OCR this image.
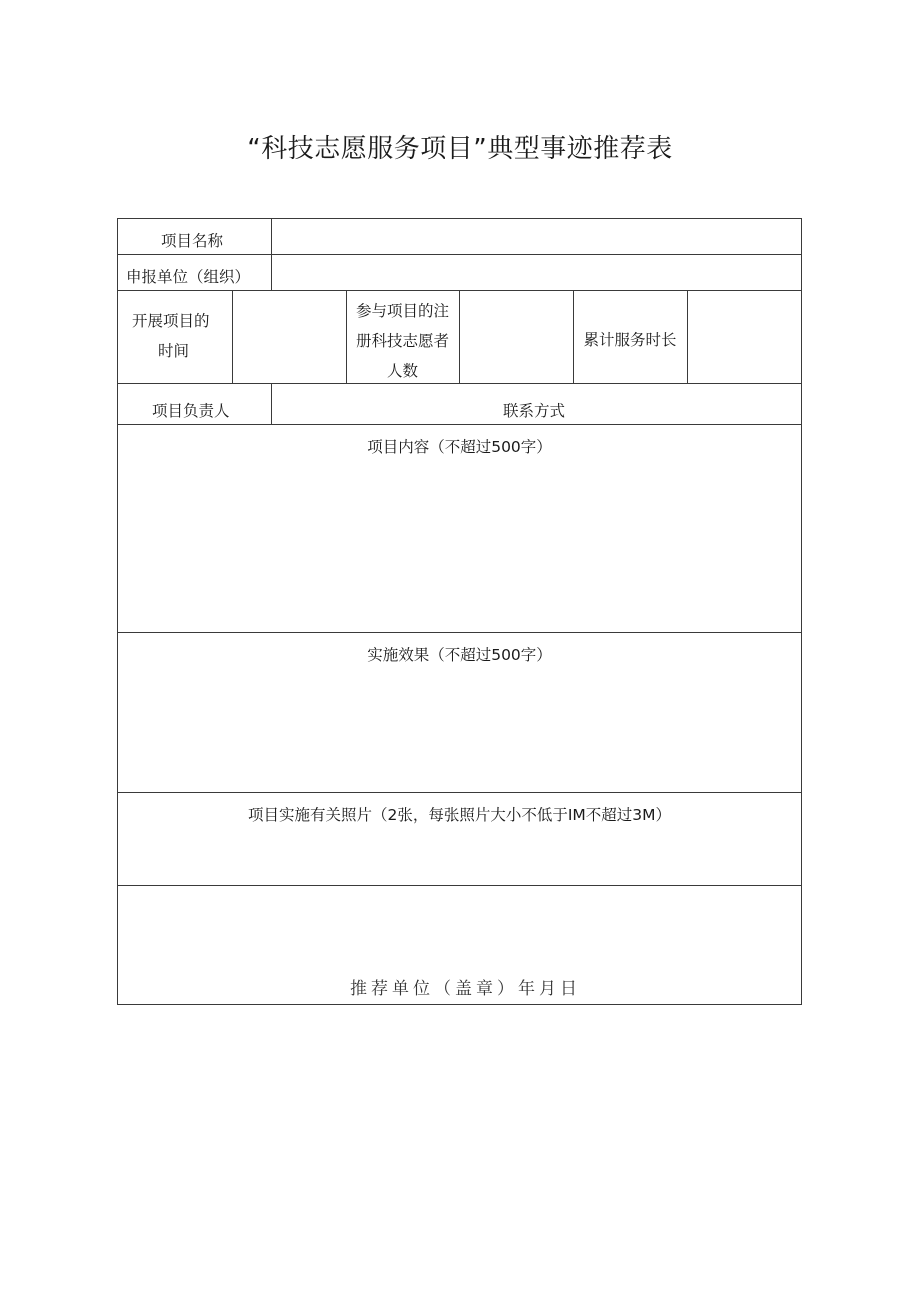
“科技志愿服务项目”典型事迹推荐表
项目名称
申报单位（组织）
开展项目的
时间
参与项目的注
册科技志愿者
人数
累计服务时长
项目负责人	联系方式
项目内容（不超过500字）
实施效果（不超过500字）
项目实施有关照片（2张，每张照片大小不低于IM不超过3M）
推荐单位（盖章）年月日
